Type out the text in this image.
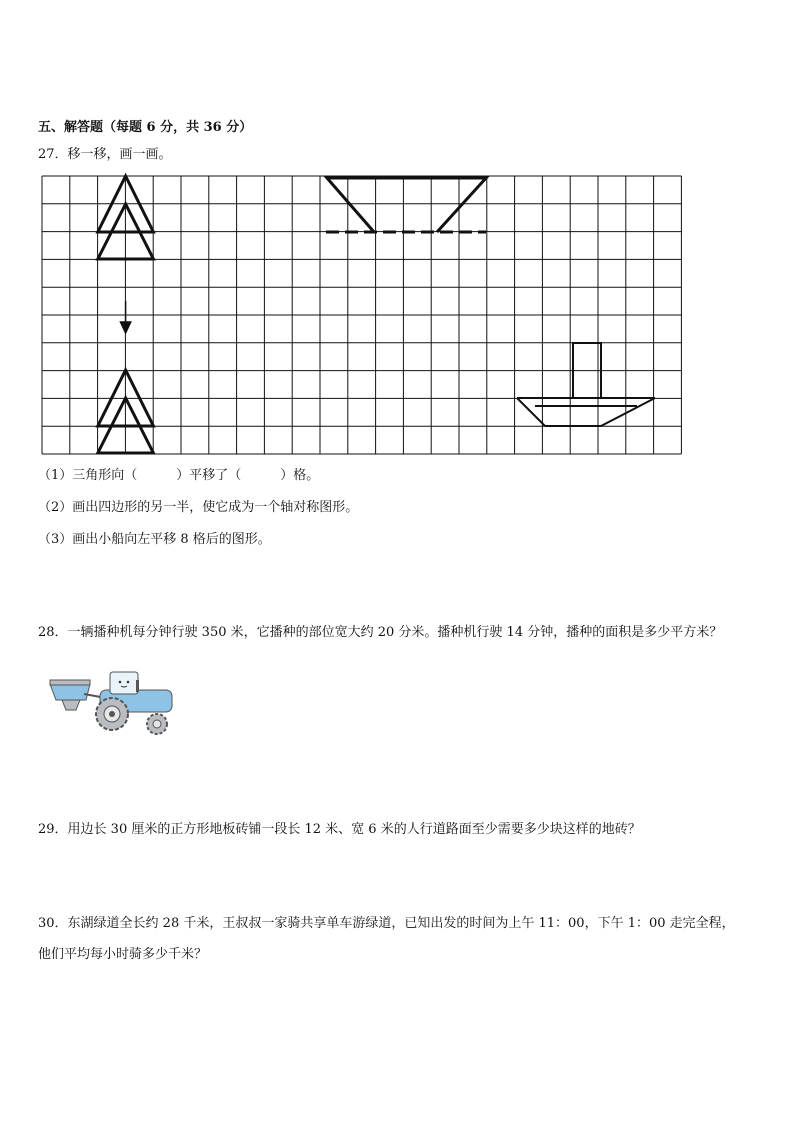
五、解答题（每题 6 分，共 36 分）
27．移一移，画一画。
（1）三角形向（　　　）平移了（　　　）格。
（2）画出四边形的另一半，使它成为一个轴对称图形。
（3）画出小船向左平移 8 格后的图形。
28．一辆播种机每分钟行驶 350 米，它播种的部位宽大约 20 分米。播种机行驶 14 分钟，播种的面积是多少平方米？
29．用边长 30 厘米的正方形地板砖铺一段长 12 米、宽 6 米的人行道路面至少需要多少块这样的地砖？
30．东湖绿道全长约 28 千米，王叔叔一家骑共享单车游绿道，已知出发的时间为上午 11：00，下午 1：00 走完全程，
他们平均每小时骑多少千米？
